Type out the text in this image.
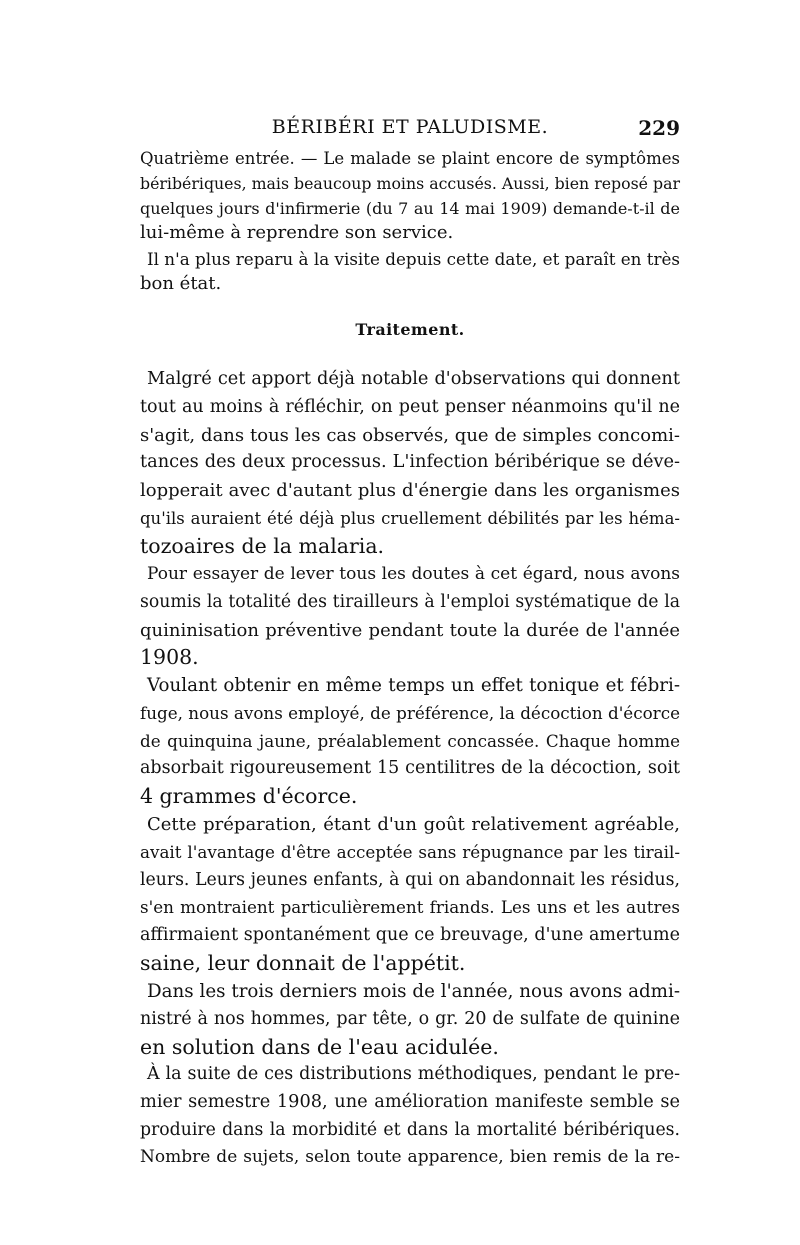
BÉRIBÉRI ET PALUDISME.	229
Quatrième entrée. — Le malade se plaint encore de symptômes
béribériques, mais beaucoup moins accusés. Aussi, bien reposé par
quelques jours d'infirmerie (du 7 au 14 mai 1909) demande-t-il de
lui-même à reprendre son service.
Il n'a plus reparu à la visite depuis cette date, et paraît en très
bon état.
Traitement.
Malgré cet apport déjà notable d'observations qui donnent
tout au moins à réfléchir, on peut penser néanmoins qu'il ne
s'agit, dans tous les cas observés, que de simples concomi-
tances des deux processus. L'infection béribérique se déve-
lopperait avec d'autant plus d'énergie dans les organismes
qu'ils auraient été déjà plus cruellement débilités par les héma-
tozoaires de la malaria.
Pour essayer de lever tous les doutes à cet égard, nous avons
soumis la totalité des tirailleurs à l'emploi systématique de la
quininisation préventive pendant toute la durée de l'année
1908.
Voulant obtenir en même temps un effet tonique et fébri-
fuge, nous avons employé, de préférence, la décoction d'écorce
de quinquina jaune, préalablement concassée. Chaque homme
absorbait rigoureusement 15 centilitres de la décoction, soit
4 grammes d'écorce.
Cette préparation, étant d'un goût relativement agréable,
avait l'avantage d'être acceptée sans répugnance par les tirail-
leurs. Leurs jeunes enfants, à qui on abandonnait les résidus,
s'en montraient particulièrement friands. Les uns et les autres
affirmaient spontanément que ce breuvage, d'une amertume
saine, leur donnait de l'appétit.
Dans les trois derniers mois de l'année, nous avons admi-
nistré à nos hommes, par tête, o gr. 20 de sulfate de quinine
en solution dans de l'eau acidulée.
À la suite de ces distributions méthodiques, pendant le pre-
mier semestre 1908, une amélioration manifeste semble se
produire dans la morbidité et dans la mortalité béribériques.
Nombre de sujets, selon toute apparence, bien remis de la re-
